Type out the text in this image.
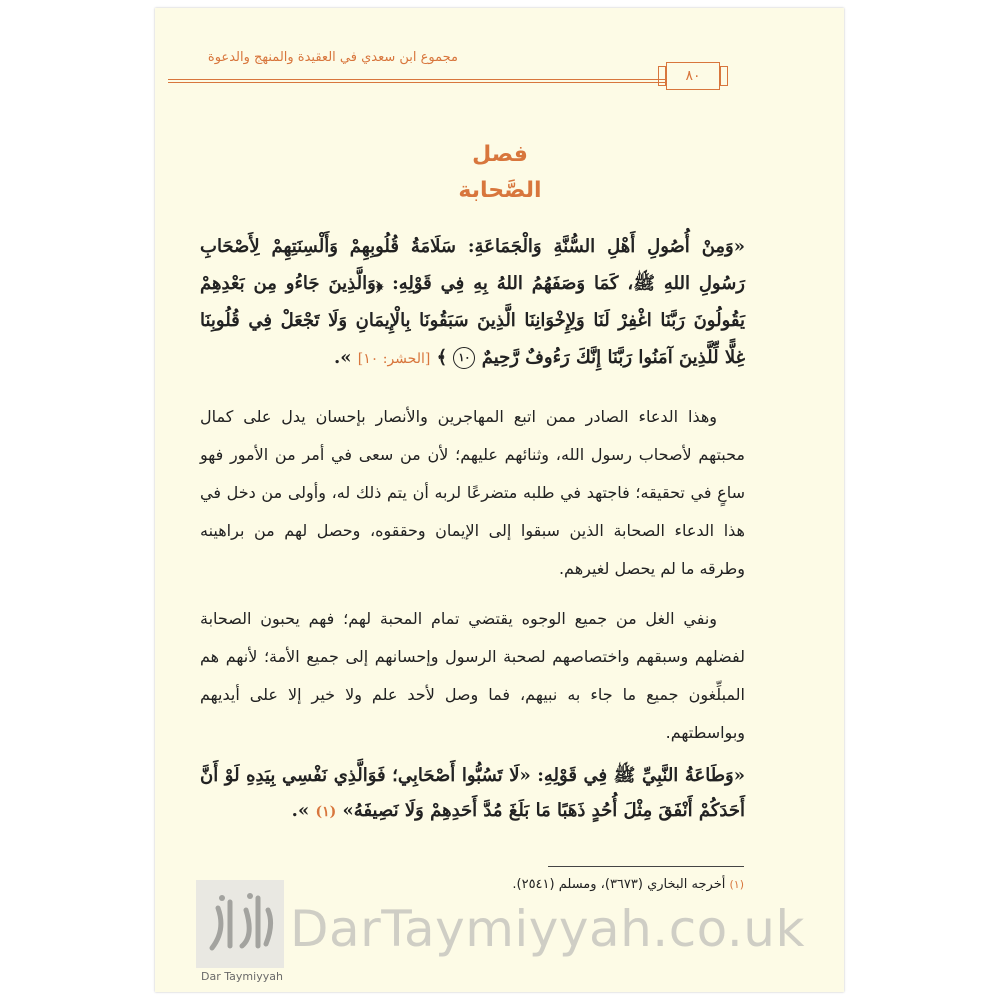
مجموع ابن سعدي في العقيدة والمنهج والدعوة
٨٠
فصل
الصَّحابة
«وَمِنْ أُصُولِ أَهْلِ السُّنَّةِ وَالْجَمَاعَةِ: سَلَامَةُ قُلُوبِهِمْ وَأَلْسِنَتِهِمْ لِأَصْحَابِ رَسُولِ اللهِ ﷺ، كَمَا وَصَفَهُمُ اللهُ بِهِ فِي قَوْلِهِ: ﴿وَالَّذِينَ جَاءُو مِن بَعْدِهِمْ يَقُولُونَ رَبَّنَا اغْفِرْ لَنَا وَلِإِخْوَانِنَا الَّذِينَ سَبَقُونَا بِالْإِيمَانِ وَلَا تَجْعَلْ فِي قُلُوبِنَا غِلًّا لِّلَّذِينَ آمَنُوا رَبَّنَا إِنَّكَ رَءُوفٌ رَّحِيمٌ ١٠ ﴾ [الحشر: ١٠] ».
وهذا الدعاء الصادر ممن اتبع المهاجرين والأنصار بإحسان يدل على كمال محبتهم لأصحاب رسول الله، وثنائهم عليهم؛ لأن من سعى في أمر من الأمور فهو ساعٍ في تحقيقه؛ فاجتهد في طلبه متضرعًا لربه أن يتم ذلك له، وأولى من دخل في هذا الدعاء الصحابة الذين سبقوا إلى الإيمان وحققوه، وحصل لهم من براهينه وطرقه ما لم يحصل لغيرهم.
ونفي الغل من جميع الوجوه يقتضي تمام المحبة لهم؛ فهم يحبون الصحابة لفضلهم وسبقهم واختصاصهم لصحبة الرسول وإحسانهم إلى جميع الأمة؛ لأنهم هم المبلِّغون جميع ما جاء به نبيهم، فما وصل لأحد علم ولا خير إلا على أيديهم وبواسطتهم.
«وَطَاعَةُ النَّبِيِّ ﷺ فِي قَوْلِهِ: «لَا تَسُبُّوا أَصْحَابِي؛ فَوَالَّذِي نَفْسِي بِيَدِهِ لَوْ أَنَّ أَحَدَكُمْ أَنْفَقَ مِثْلَ أُحُدٍ ذَهَبًا مَا بَلَغَ مُدَّ أَحَدِهِمْ وَلَا نَصِيفَهُ» (١) ».
(١) أخرجه البخاري (٣٦٧٣)، ومسلم (٢٥٤١).
Dar Taymiyyah
DarTaymiyyah.co.uk
